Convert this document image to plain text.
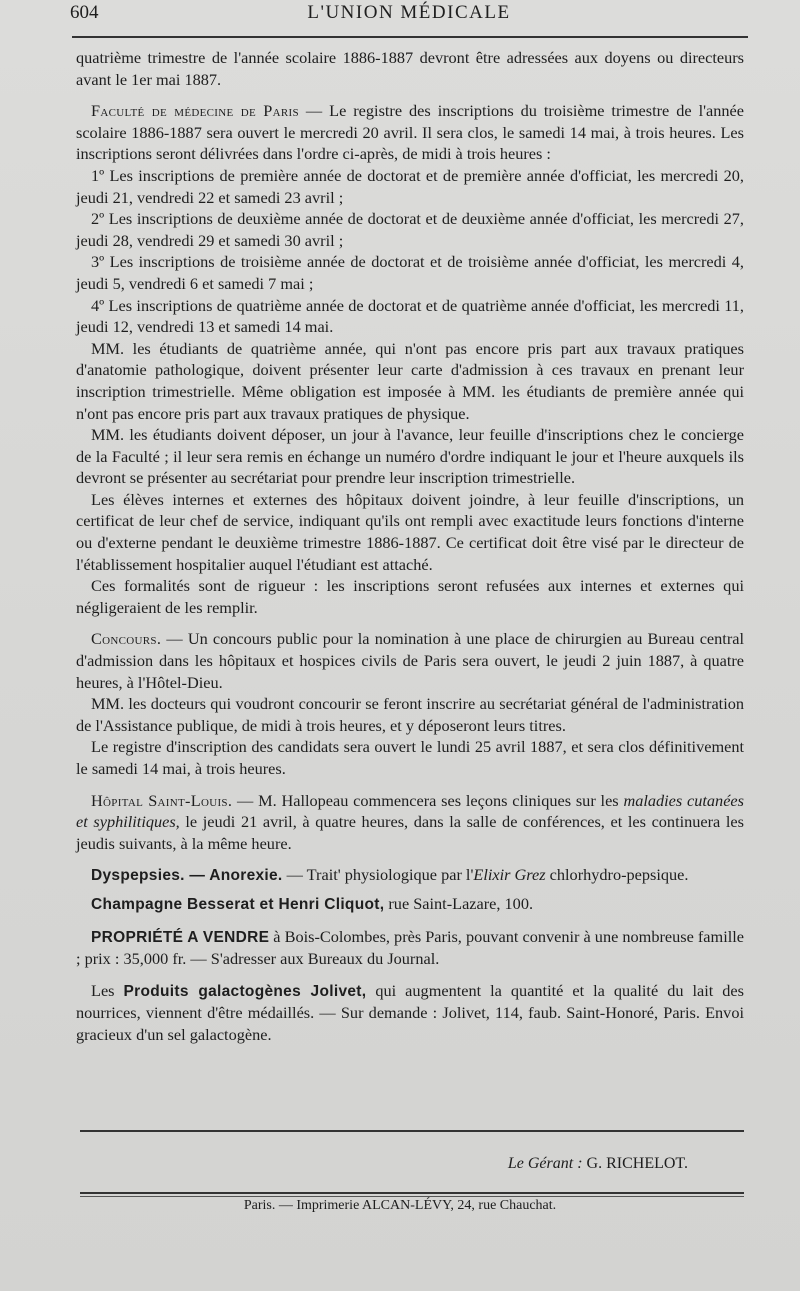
604	L'UNION MÉDICALE

quatrième trimestre de l'année scolaire 1886-1887 devront être adressées aux doyens ou directeurs avant le 1er mai 1887.

Faculté de médecine de Paris — Le registre des inscriptions du troisième trimestre de l'année scolaire 1886-1887 sera ouvert le mercredi 20 avril. Il sera clos, le samedi 14 mai, à trois heures. Les inscriptions seront délivrées dans l'ordre ci-après, de midi à trois heures :

1º Les inscriptions de première année de doctorat et de première année d'officiat, les mercredi 20, jeudi 21, vendredi 22 et samedi 23 avril ;

2º Les inscriptions de deuxième année de doctorat et de deuxième année d'officiat, les mercredi 27, jeudi 28, vendredi 29 et samedi 30 avril ;

3º Les inscriptions de troisième année de doctorat et de troisième année d'officiat, les mercredi 4, jeudi 5, vendredi 6 et samedi 7 mai ;

4º Les inscriptions de quatrième année de doctorat et de quatrième année d'officiat, les mercredi 11, jeudi 12, vendredi 13 et samedi 14 mai.

MM. les étudiants de quatrième année, qui n'ont pas encore pris part aux travaux pratiques d'anatomie pathologique, doivent présenter leur carte d'admission à ces travaux en prenant leur inscription trimestrielle. Même obligation est imposée à MM. les étudiants de première année qui n'ont pas encore pris part aux travaux pratiques de physique.

MM. les étudiants doivent déposer, un jour à l'avance, leur feuille d'inscriptions chez le concierge de la Faculté ; il leur sera remis en échange un numéro d'ordre indiquant le jour et l'heure auxquels ils devront se présenter au secrétariat pour prendre leur inscription trimestrielle.

Les élèves internes et externes des hôpitaux doivent joindre, à leur feuille d'inscriptions, un certificat de leur chef de service, indiquant qu'ils ont rempli avec exactitude leurs fonctions d'interne ou d'externe pendant le deuxième trimestre 1886-1887. Ce certificat doit être visé par le directeur de l'établissement hospitalier auquel l'étudiant est attaché.

Ces formalités sont de rigueur : les inscriptions seront refusées aux internes et externes qui négligeraient de les remplir.

Concours. — Un concours public pour la nomination à une place de chirurgien au Bureau central d'admission dans les hôpitaux et hospices civils de Paris sera ouvert, le jeudi 2 juin 1887, à quatre heures, à l'Hôtel-Dieu.

MM. les docteurs qui voudront concourir se feront inscrire au secrétariat général de l'administration de l'Assistance publique, de midi à trois heures, et y déposeront leurs titres.

Le registre d'inscription des candidats sera ouvert le lundi 25 avril 1887, et sera clos définitivement le samedi 14 mai, à trois heures.

Hôpital Saint-Louis. — M. Hallopeau commencera ses leçons cliniques sur les maladies cutanées et syphilitiques, le jeudi 21 avril, à quatre heures, dans la salle de conférences, et les continuera les jeudis suivants, à la même heure.

Dyspepsies. — Anorexie. — Trait' physiologique par l'Elixir Grez chlorhydro-pepsique.

Champagne Besserat et Henri Cliquot, rue Saint-Lazare, 100.

PROPRIÉTÉ A VENDRE à Bois-Colombes, près Paris, pouvant convenir à une nombreuse famille ; prix : 35,000 fr. — S'adresser aux Bureaux du Journal.

Les Produits galactogènes Jolivet, qui augmentent la quantité et la qualité du lait des nourrices, viennent d'être médaillés. — Sur demande : Jolivet, 114, faub. Saint-Honoré, Paris. Envoi gracieux d'un sel galactogène.

Le Gérant : G. RICHELOT.
Paris. — Imprimerie ALCAN-LÉVY, 24, rue Chauchat.
